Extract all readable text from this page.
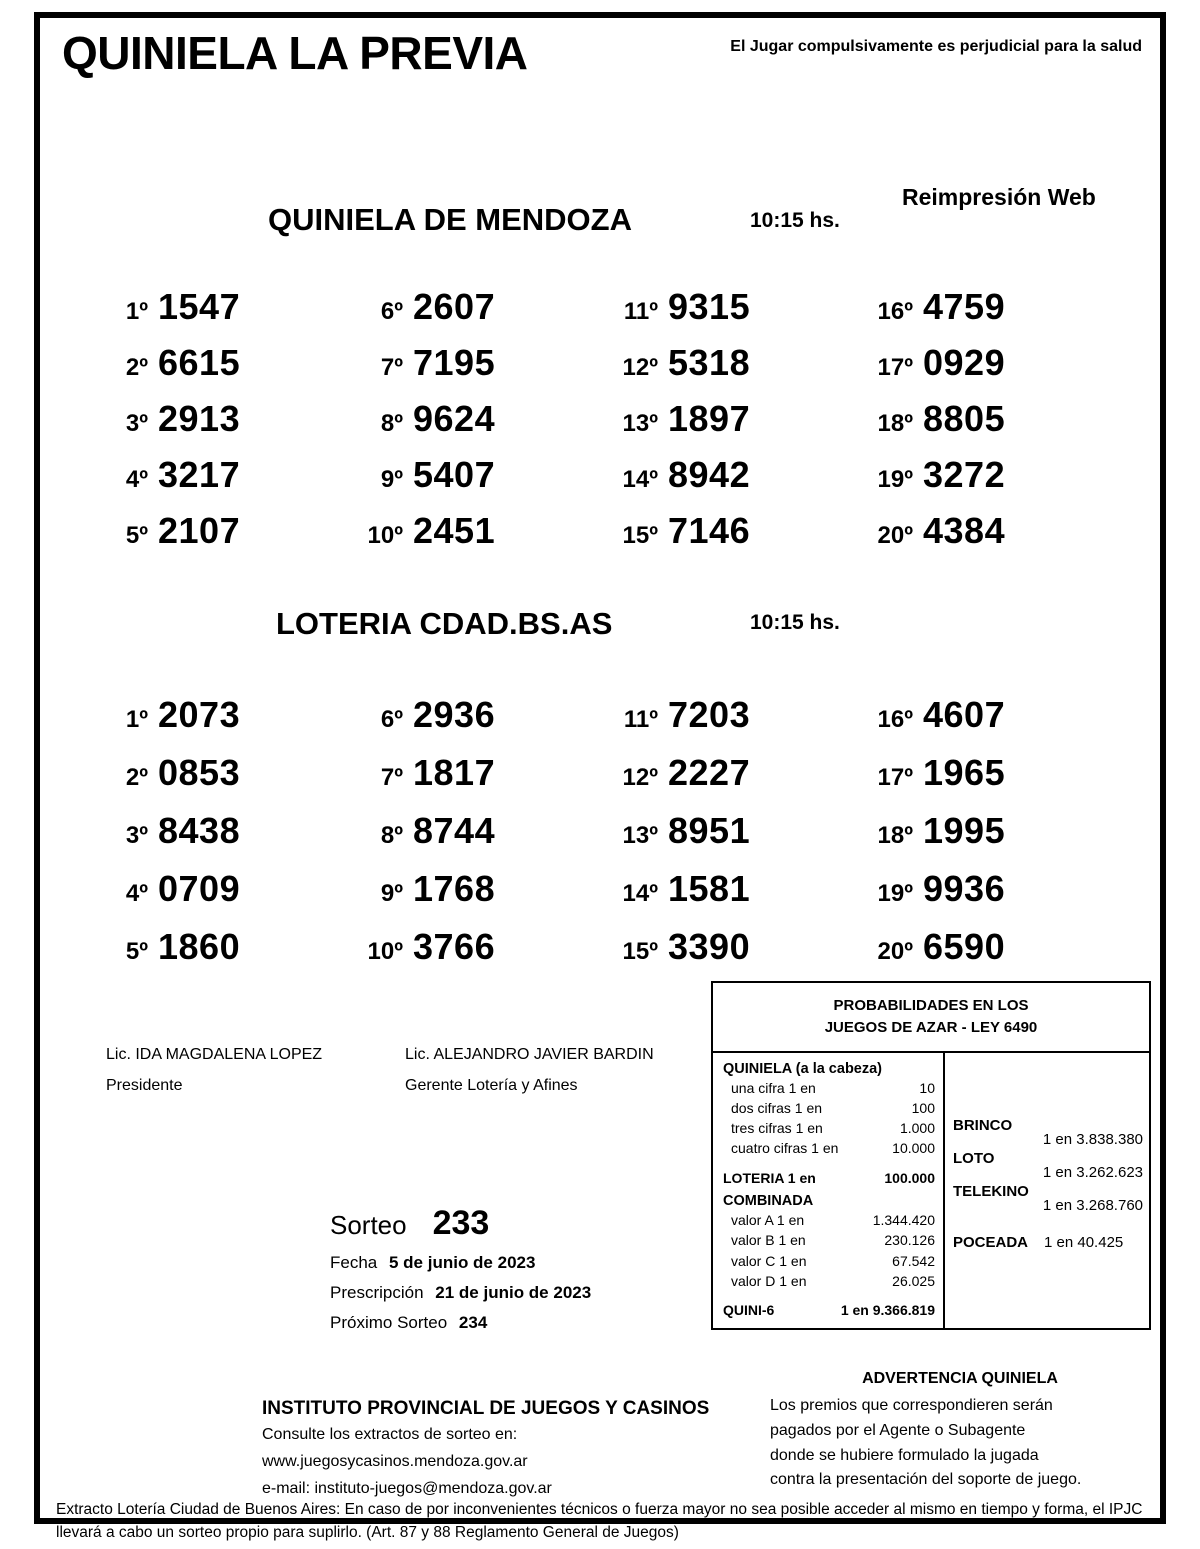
QUINIELA LA PREVIA	El Jugar compulsivamente es perjudicial para la salud
QUINIELA DE MENDOZA	10:15 hs.
Reimpresión Web
1º 1547	6º 2607	11º 9315	16º 4759
2º 6615	7º 7195	12º 5318	17º 0929
3º 2913	8º 9624	13º 1897	18º 8805
4º 3217	9º 5407	14º 8942	19º 3272
5º 2107	10º 2451	15º 7146	20º 4384
LOTERIA CDAD.BS.AS	10:15 hs.
1º 2073	6º 2936	11º 7203	16º 4607
2º 0853	7º 1817	12º 2227	17º 1965
3º 8438	8º 8744	13º 8951	18º 1995
4º 0709	9º 1768	14º 1581	19º 9936
5º 1860	10º 3766	15º 3390	20º 6590
Lic. IDA MAGDALENA LOPEZ
Presidente
Lic. ALEJANDRO JAVIER BARDIN
Gerente Lotería y Afines
Sorteo 233
Fecha 5 de junio de 2023
Prescripción 21 de junio de 2023
Próximo Sorteo 234
PROBABILIDADES EN LOS
JUEGOS DE AZAR - LEY 6490
QUINIELA (a la cabeza)
una cifra 1 en	10
dos cifras 1 en	100
tres cifras 1 en	1.000
cuatro cifras 1 en	10.000
LOTERIA 1 en	100.000
COMBINADA
valor A 1 en	1.344.420
valor B 1 en	230.126
valor C 1 en	67.542
valor D 1 en	26.025
QUINI-6	1 en 9.366.819
BRINCO
1 en 3.838.380
LOTO
1 en 3.262.623
TELEKINO
1 en 3.268.760
POCEADA 1 en 40.425
ADVERTENCIA QUINIELA
Los premios que correspondieren serán
pagados por el Agente o Subagente
donde se hubiere formulado la jugada
contra la presentación del soporte de juego.
INSTITUTO PROVINCIAL DE JUEGOS Y CASINOS
Consulte los extractos de sorteo en:
www.juegosycasinos.mendoza.gov.ar
e-mail: instituto-juegos@mendoza.gov.ar
Extracto Lotería Ciudad de Buenos Aires: En caso de por inconvenientes técnicos o fuerza mayor no sea posible acceder al mismo en tiempo y forma, el IPJC llevará a cabo un sorteo propio para suplirlo. (Art. 87 y 88 Reglamento General de Juegos)
